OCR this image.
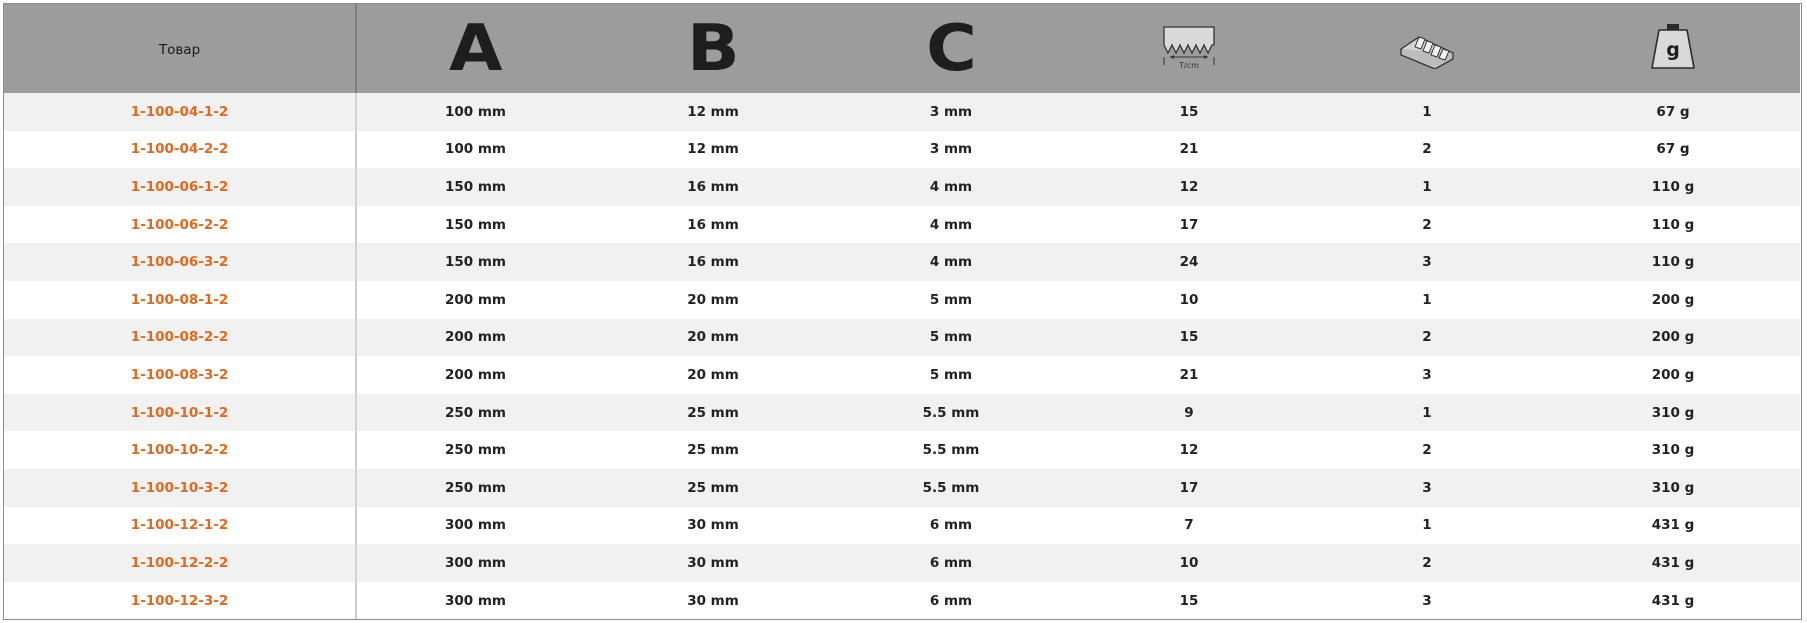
Товар	A	B	C	T/cm		g

1-100-04-1-2	100 mm	12 mm	3 mm	15	1	67 g
1-100-04-2-2	100 mm	12 mm	3 mm	21	2	67 g
1-100-06-1-2	150 mm	16 mm	4 mm	12	1	110 g
1-100-06-2-2	150 mm	16 mm	4 mm	17	2	110 g
1-100-06-3-2	150 mm	16 mm	4 mm	24	3	110 g
1-100-08-1-2	200 mm	20 mm	5 mm	10	1	200 g
1-100-08-2-2	200 mm	20 mm	5 mm	15	2	200 g
1-100-08-3-2	200 mm	20 mm	5 mm	21	3	200 g
1-100-10-1-2	250 mm	25 mm	5.5 mm	9	1	310 g
1-100-10-2-2	250 mm	25 mm	5.5 mm	12	2	310 g
1-100-10-3-2	250 mm	25 mm	5.5 mm	17	3	310 g
1-100-12-1-2	300 mm	30 mm	6 mm	7	1	431 g
1-100-12-2-2	300 mm	30 mm	6 mm	10	2	431 g
1-100-12-3-2	300 mm	30 mm	6 mm	15	3	431 g
